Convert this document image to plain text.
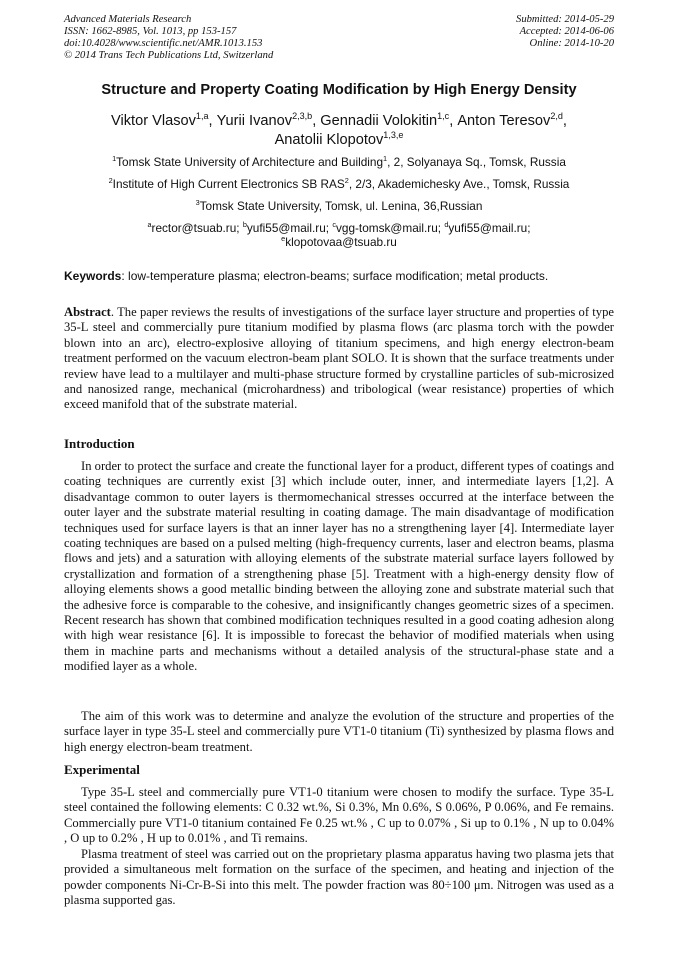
Advanced Materials Research
ISSN: 1662-8985, Vol. 1013, pp 153-157
doi:10.4028/www.scientific.net/AMR.1013.153
© 2014 Trans Tech Publications Ltd, Switzerland
Submitted: 2014-05-29
Accepted: 2014-06-06
Online: 2014-10-20
Structure and Property Coating Modification by High Energy Density
Viktor Vlasov$^{1,a}$, Yurii Ivanov$^{2,3,b}$, Gennadii Volokitin$^{1,c}$, Anton Teresov$^{2,d}$,
Anatolii Klopotov$^{1,3,e}$
$^1$Tomsk State University of Architecture and Building$^1$, 2, Solyanaya Sq., Tomsk, Russia
$^2$Institute of High Current Electronics SB RAS$^2$, 2/3, Akademichesky Ave., Tomsk, Russia
$^3$Tomsk State University, Tomsk, ul. Lenina, 36,Russian
$^a$rector@tsuab.ru; $^b$yufi55@mail.ru; $^c$vgg-tomsk@mail.ru; $^d$yufi55@mail.ru;
$^e$klopotovaa@tsuab.ru
Keywords: low-temperature plasma; electron-beams; surface modification; metal products.
Abstract. The paper reviews the results of investigations of the surface layer structure and properties of type 35-L steel and commercially pure titanium modified by plasma flows (arc plasma torch with the powder blown into an arc), electro-explosive alloying of titanium specimens, and high energy electron-beam treatment performed on the vacuum electron-beam plant SOLO. It is shown that the surface treatments under review have lead to a multilayer and multi-phase structure formed by crystalline particles of sub-microsized and nanosized range, mechanical (microhardness) and tribological (wear resistance) properties of which exceed manifold that of the substrate material.
Introduction
In order to protect the surface and create the functional layer for a product, different types of coatings and coating techniques are currently exist [3] which include outer, inner, and intermediate layers [1,2]. A disadvantage common to outer layers is thermomechanical stresses occurred at the interface between the outer layer and the substrate material resulting in coating damage. The main disadvantage of modification techniques used for surface layers is that an inner layer has no a strengthening layer [4]. Intermediate layer coating techniques are based on a pulsed melting (high-frequency currents, laser and electron beams, plasma flows and jets) and a saturation with alloying elements of the substrate material surface layers followed by crystallization and formation of a strengthening phase [5]. Treatment with a high-energy density flow of alloying elements shows a good metallic binding between the alloying zone and substrate material such that the adhesive force is comparable to the cohesive, and insignificantly changes geometric sizes of a specimen. Recent research has shown that combined modification techniques resulted in a good coating adhesion along with high wear resistance [6]. It is impossible to forecast the behavior of modified materials when using them in machine parts and mechanisms without a detailed analysis of the structural-phase state and a modified layer as a whole.
The aim of this work was to determine and analyze the evolution of the structure and properties of the surface layer in type 35-L steel and commercially pure VT1-0 titanium (Ti) synthesized by plasma flows and high energy electron-beam treatment.
Experimental
Type 35-L steel and commercially pure VT1-0 titanium were chosen to modify the surface. Type 35-L steel contained the following elements: C 0.32 wt.%, Si 0.3%, Mn 0.6%, S 0.06%, P 0.06%, and Fe remains. Commercially pure VT1-0 titanium contained Fe 0.25 wt.% , C up to 0.07% , Si up to 0.1% , N up to 0.04% , O up to 0.2% , H up to 0.01% , and Ti remains.
Plasma treatment of steel was carried out on the proprietary plasma apparatus having two plasma jets that provided a simultaneous melt formation on the surface of the specimen, and heating and injection of the powder components Ni-Cr-B-Si into this melt. The powder fraction was 80÷100 μm. Nitrogen was used as a plasma supported gas.
